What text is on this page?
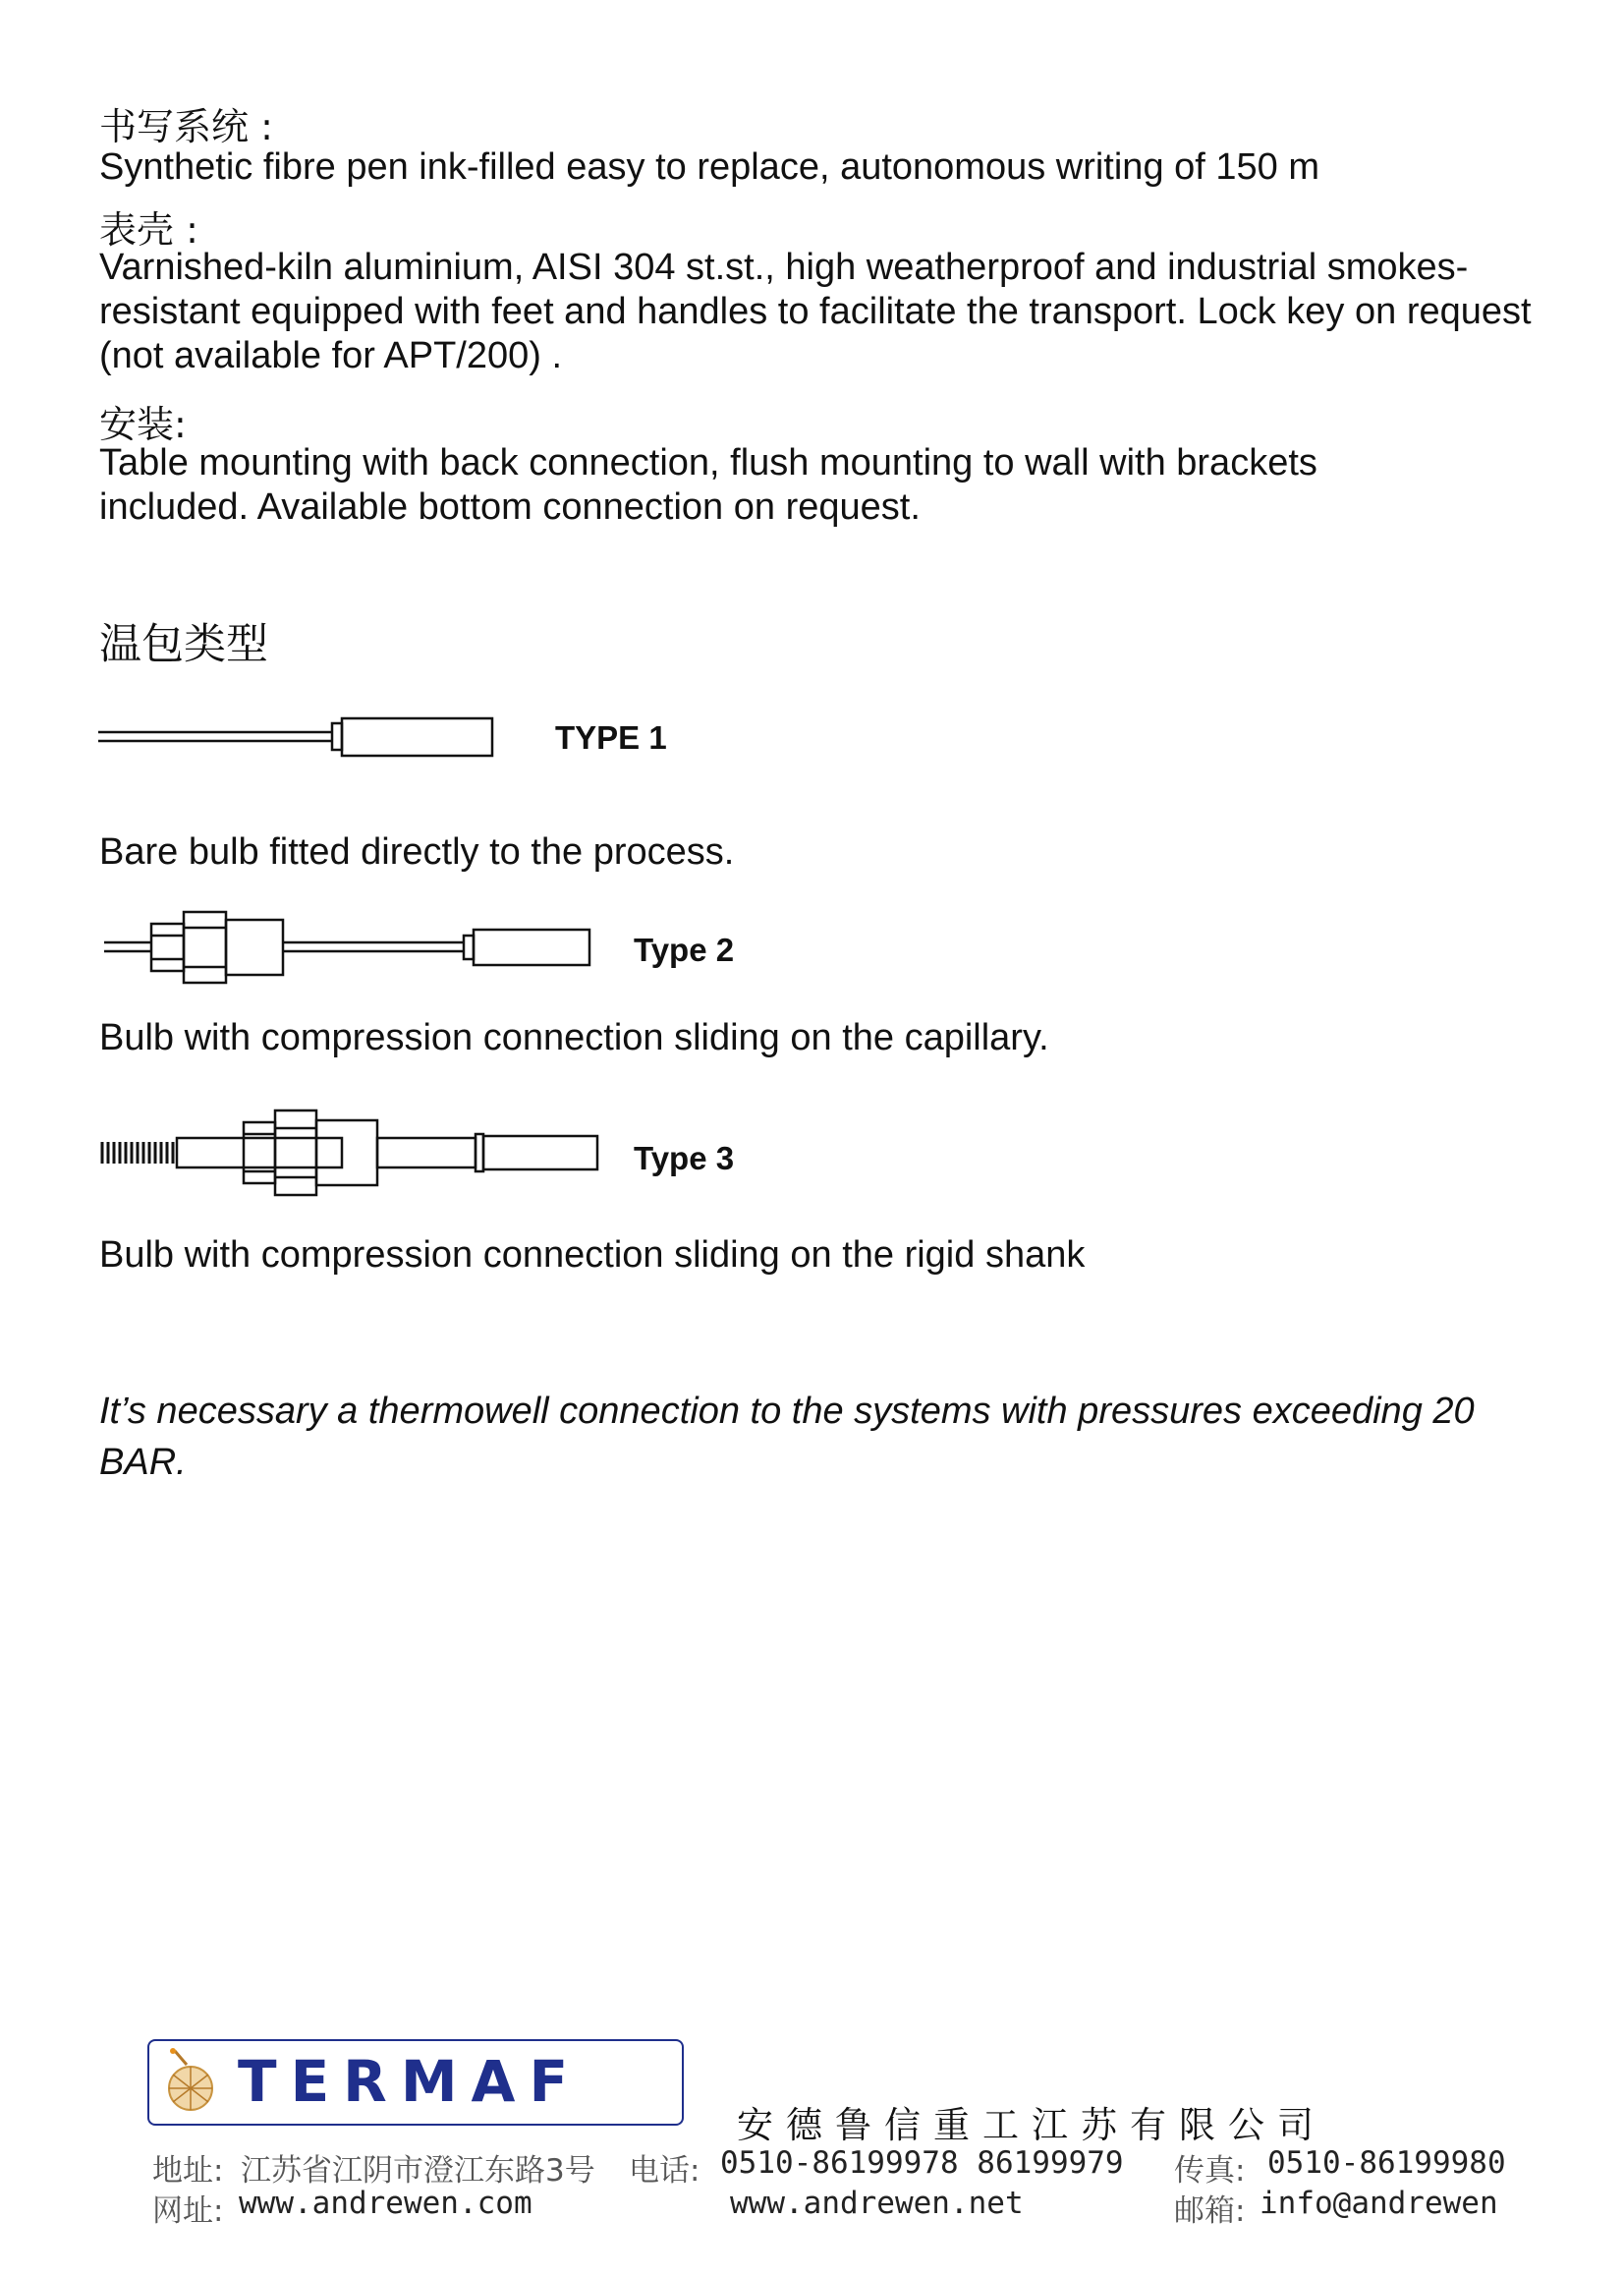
书写系统 :
Synthetic fibre pen ink-filled easy to replace, autonomous writing of 150 m
表壳 :
Varnished-kiln aluminium, AISI 304 st.st., high weatherproof and industrial smokes-resistant equipped with feet and handles to facilitate the transport. Lock key on request (not available for APT/200) .
安装:
Table mounting with back connection, flush mounting to wall with brackets included. Available bottom connection on request.
温包类型
TYPE 1
Bare bulb fitted directly to the process.
Type 2
Bulb with compression connection sliding on the capillary.
Type 3
Bulb with compression connection sliding on the rigid shank
It’s necessary a thermowell connection to the systems with pressures exceeding 20 BAR.
TERMAF
安德鲁信重工江苏有限公司
地址: 江苏省江阴市澄江东路3号 电话: 0510-86199978 86199979 传真: 0510-86199980
网址: www.andrewen.com	www.andrewen.net	邮箱: info@andrewen
